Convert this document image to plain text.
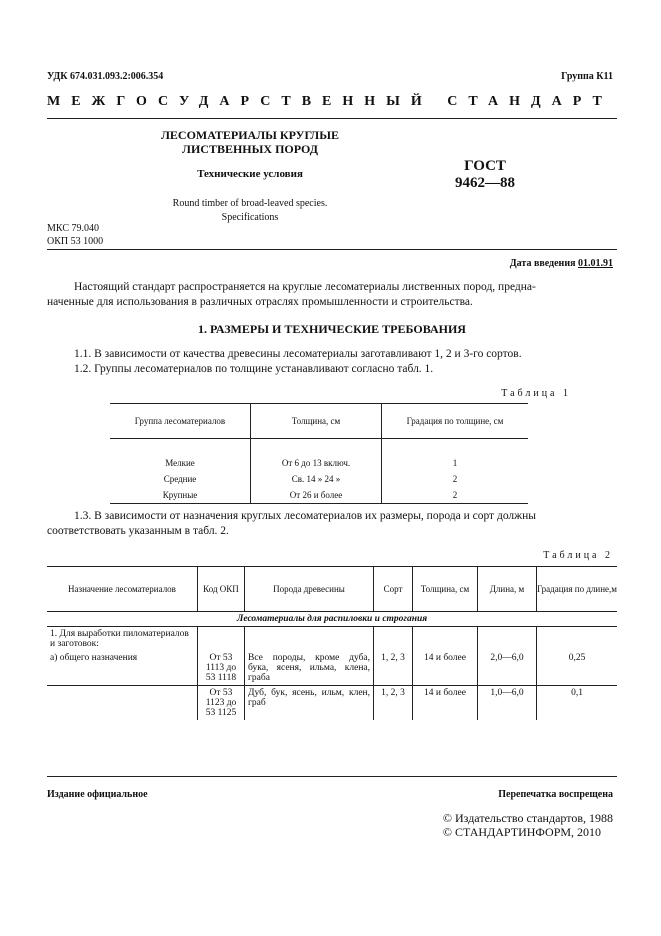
УДК 674.031.093.2:006.354	Группа К11
МЕЖГОСУДАРСТВЕННЫЙ СТАНДАРТ
ЛЕСОМАТЕРИАЛЫ КРУГЛЫЕ
ЛИСТВЕННЫХ ПОРОД
Технические условия
Round timber of broad-leaved species.
Specifications
ГОСТ
9462—88
МКС 79.040
ОКП 53 1000
Дата введения 01.01.91
Настоящий стандарт распространяется на круглые лесоматериалы лиственных пород, предна-
наченные для использования в различных отраслях промышленности и строительства.
1. РАЗМЕРЫ И ТЕХНИЧЕСКИЕ ТРЕБОВАНИЯ
1.1. В зависимости от качества древесины лесоматериалы заготавливают 1, 2 и 3-го сортов.
1.2. Группы лесоматериалов по толщине устанавливают согласно табл. 1.
Таблица 1
Группа лесоматериалов	Толщина, см	Градация по толщине, см

Мелкие	От 6 до 13 включ.	1
Средние	Св. 14 » 24 »	2
Крупные	От 26 и более	2
1.3. В зависимости от назначения круглых лесоматериалов их размеры, порода и сорт должны
соответствовать указанным в табл. 2.
Таблица 2
Назначение лесоматериалов	Код ОКП	Порода древесины	Сорт	Толщина, см	Длина, м	Градация по длине,м
Лесоматериалы для распиловки и строгания						
1. Для выработки пиломатериалов и заготовок:						
а) общего назначения	От 53 1113 до 53 1118	Все породы, кроме дуба, бука, ясеня, ильма, клена, граба	1, 2, 3	14 и более	2,0—6,0	0,25
	От 53 1123 до 53 1125	Дуб, бук, ясень, ильм, клен, граб	1, 2, 3	14 и более	1,0—6,0	0,1
Издание официальное	Перепечатка воспрещена
© Издательство стандартов, 1988
© СТАНДАРТИНФОРМ, 2010
